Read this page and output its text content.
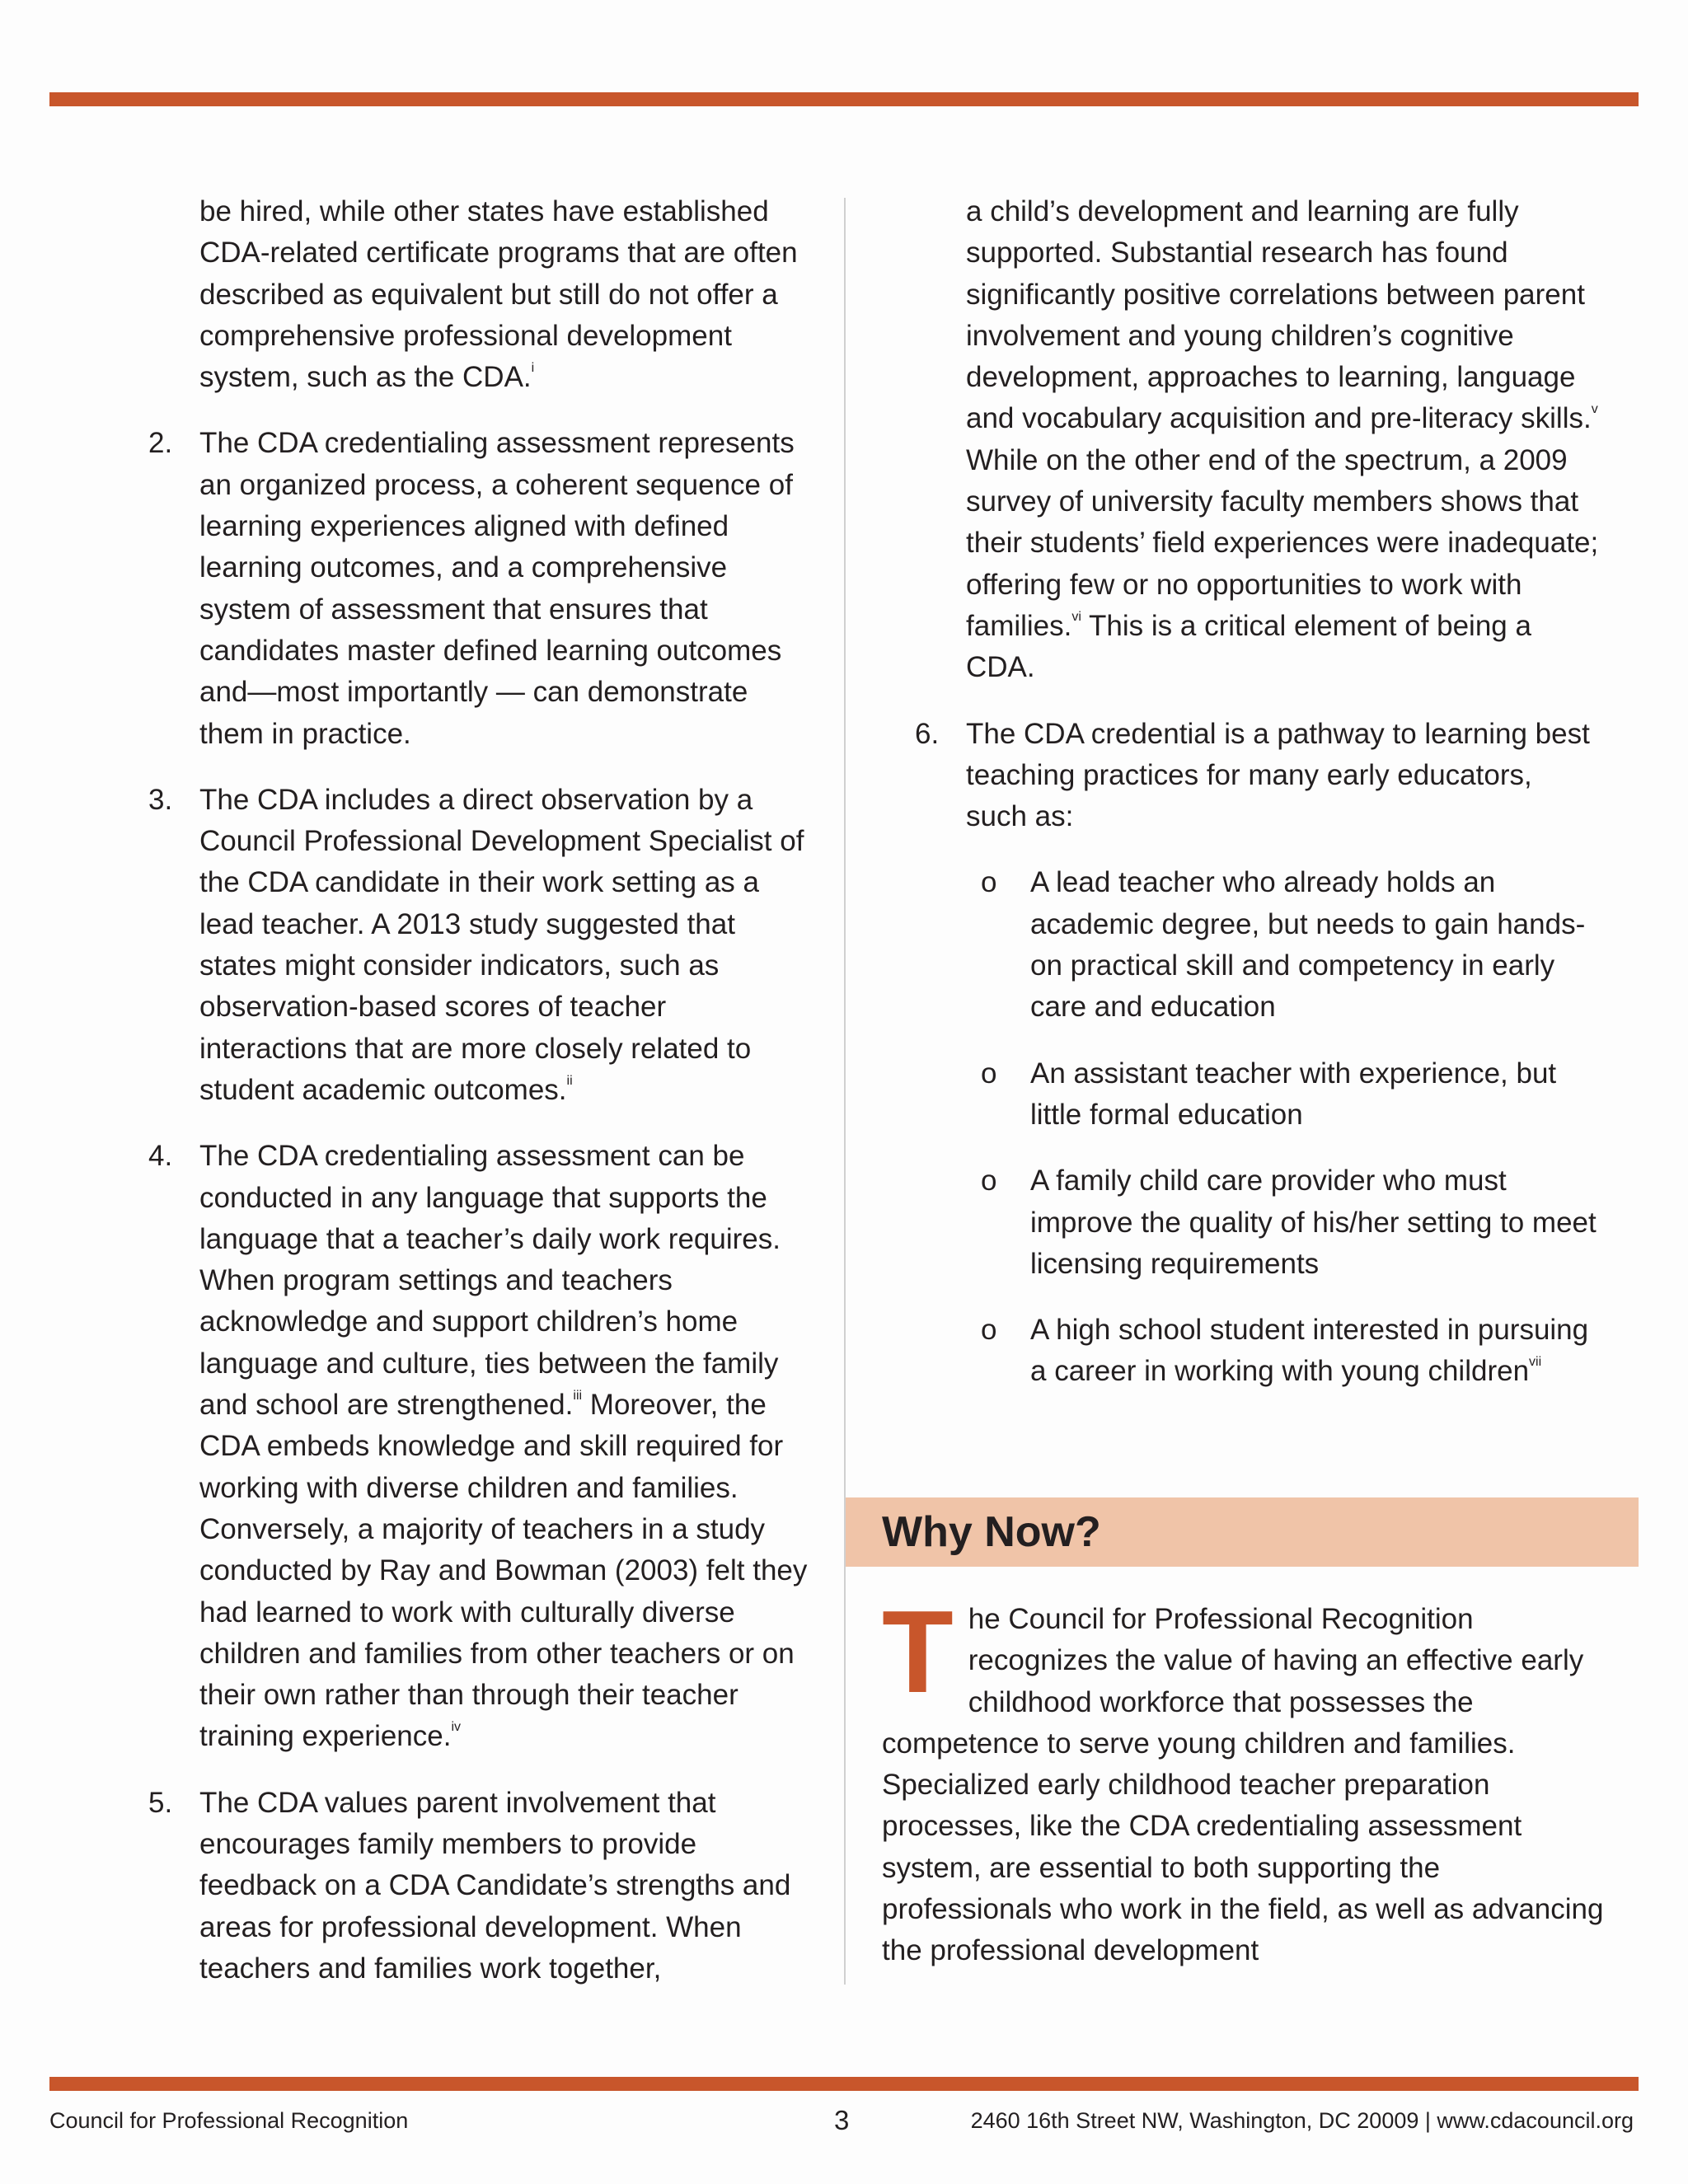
be hired, while other states have established CDA-related certificate programs that are often described as equivalent but still do not offer a comprehensive professional development system, such as the CDA.$^i$

2. The CDA credentialing assessment represents an organized process, a coherent sequence of learning experiences aligned with defined learning outcomes, and a comprehensive system of assessment that ensures that candidates master defined learning outcomes and—most importantly — can demonstrate them in practice.
3. The CDA includes a direct observation by a Council Professional Development Specialist of the CDA candidate in their work setting as a lead teacher. A 2013 study suggested that states might consider indicators, such as observation-based scores of teacher interactions that are more closely related to student academic outcomes.$^{ii}$
4. The CDA credentialing assessment can be conducted in any language that supports the language that a teacher’s daily work requires. When program settings and teachers acknowledge and support children’s home language and culture, ties between the family and school are strengthened.$^{iii}$ Moreover, the CDA embeds knowledge and skill required for working with diverse children and families. Conversely, a majority of teachers in a study conducted by Ray and Bowman (2003) felt they had learned to work with culturally diverse children and families from other teachers or on their own rather than through their teacher training experience.$^{iv}$
5. The CDA values parent involvement that encourages family members to provide feedback on a CDA Candidate’s strengths and areas for professional development. When teachers and families work together,

a child’s development and learning are fully supported. Substantial research has found significantly positive correlations between parent involvement and young children’s cognitive development, approaches to learning, language and vocabulary acquisition and pre-literacy skills.$^v$ While on the other end of the spectrum, a 2009 survey of university faculty members shows that their students’ field experiences were inadequate; offering few or no opportunities to work with families.$^{vi}$ This is a critical element of being a CDA.

6. The CDA credential is a pathway to learning best teaching practices for many early educators, such as:
o A lead teacher who already holds an academic degree, but needs to gain hands-on practical skill and competency in early care and education
o An assistant teacher with experience, but little formal education
o A family child care provider who must improve the quality of his/her setting to meet licensing requirements
o A high school student interested in pursuing a career in working with young children$^{vii}$
Why Now?
The Council for Professional Recognition recognizes the value of having an effective early childhood workforce that possesses the competence to serve young children and families. Specialized early childhood teacher preparation processes, like the CDA credentialing assessment system, are essential to both supporting the professionals who work in the field, as well as advancing the professional development
Council for Professional Recognition	3	2460 16th Street NW, Washington, DC 20009 | www.cdacouncil.org
